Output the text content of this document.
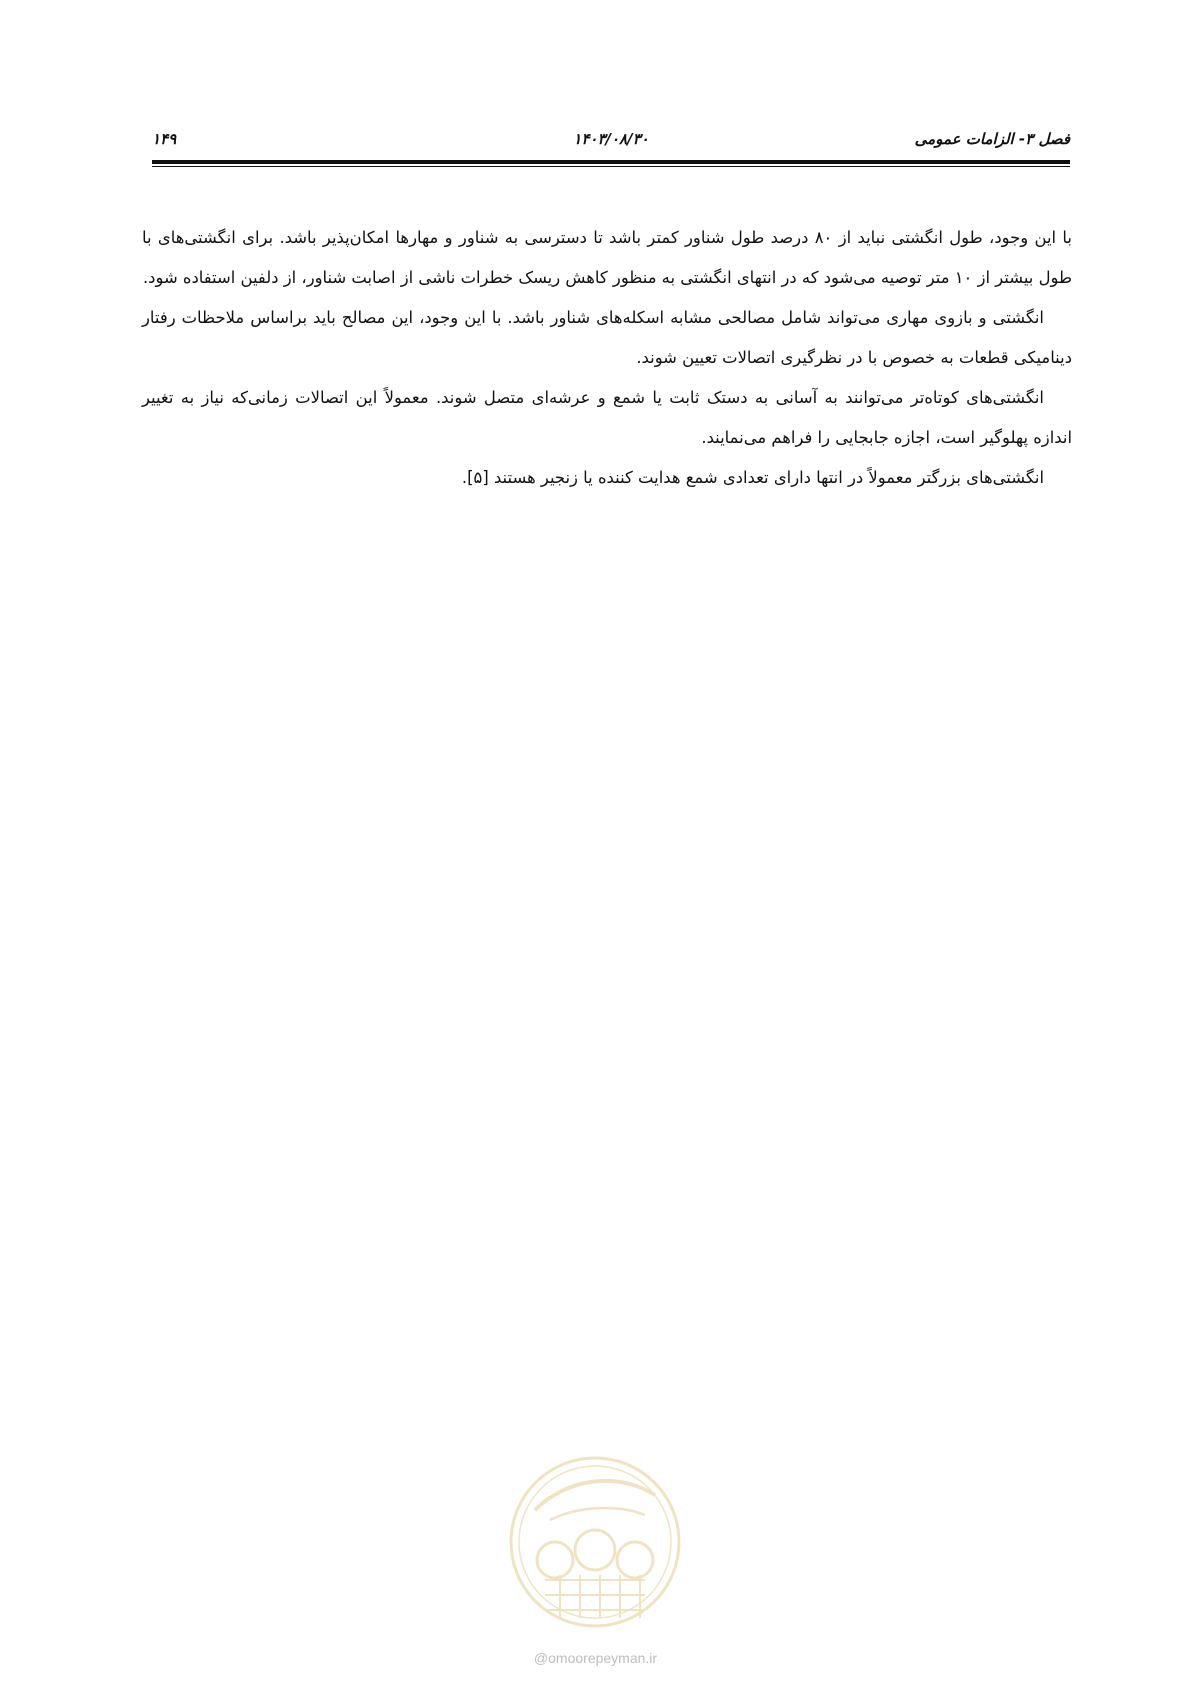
فصل ۳- الزامات عمومی
۱۴۰۳/۰۸/۳۰
۱۴۹

با این وجود، طول انگشتی نباید از ۸۰ درصد طول شناور کمتر باشد تا دسترسی به شناور و مهارها امکان‌پذیر باشد. برای انگشتی‌های با طول بیشتر از ۱۰ متر توصیه می‌شود که در انتهای انگشتی به منظور کاهش ریسک خطرات ناشی از اصابت شناور، از دلفین استفاده شود.

انگشتی و بازوی مهاری می‌تواند شامل مصالحی مشابه اسکله‌های شناور باشد. با این وجود، این مصالح باید براساس ملاحظات رفتار دینامیکی قطعات به خصوص با در نظرگیری اتصالات تعیین شوند.

انگشتی‌های کوتاه‌تر می‌توانند به آسانی به دستک ثابت یا شمع و عرشه‌ای متصل شوند. معمولاً این اتصالات زمانی‌که نیاز به تغییر اندازه پهلوگیر است، اجازه جابجایی را فراهم می‌نمایند.

انگشتی‌های بزرگتر معمولاً در انتها دارای تعدادی شمع هدایت کننده یا زنجیر هستند [۵].

@omoorepeyman.ir
